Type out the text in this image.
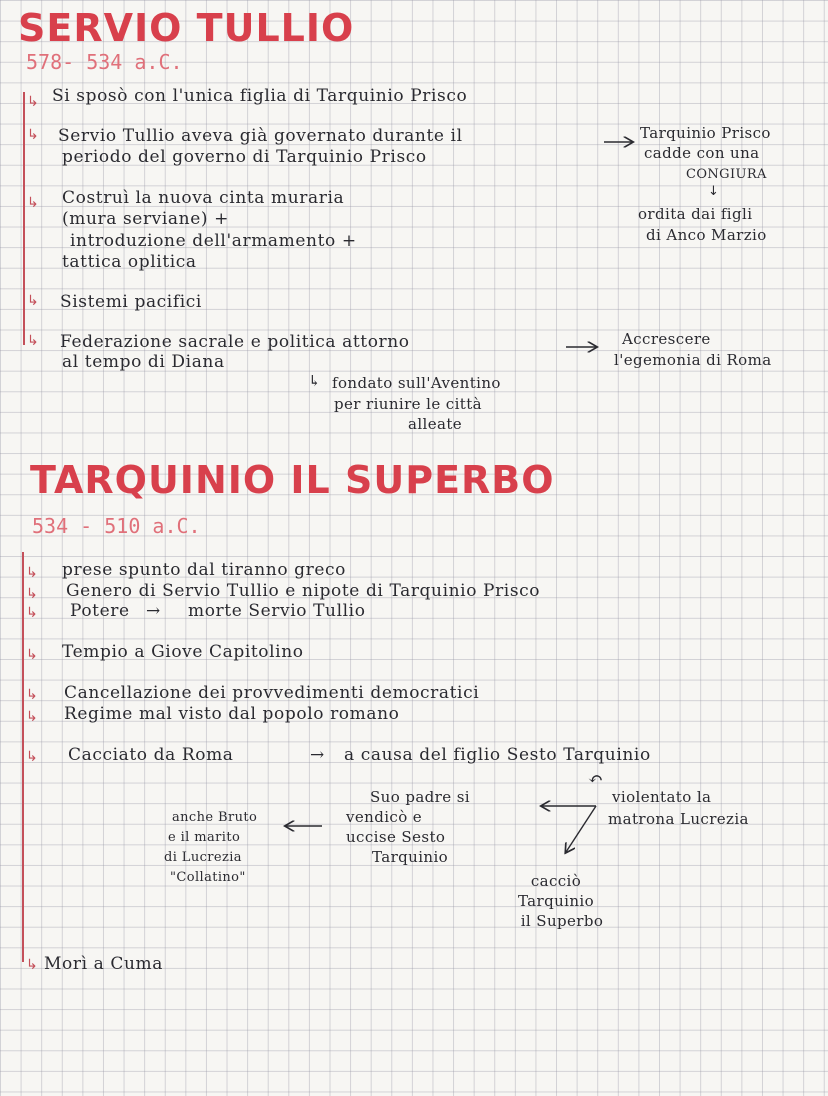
SERVIO TULLIO
578- 534 a.C.
↳
↳
↳
↳
↳
Si sposò con l'unica figlia di Tarquinio Prisco
Servio Tullio aveva già governato durante il
periodo del governo di Tarquinio Prisco
Costruì la nuova cinta muraria
(mura serviane) +
introduzione dell'armamento +
tattica oplitica
Sistemi pacifici
Federazione sacrale e politica attorno
al tempo di Diana
Tarquinio Prisco
cadde con una
CONGIURA
↓
ordita dai figli
di Anco Marzio
Accrescere
l'egemonia di Roma
↳ fondato sull'Aventino
per riunire le città
alleate
TARQUINIO IL SUPERBO
534 - 510 a.C.
↳
↳
↳
↳
↳
↳
↳
↳
prese spunto dal tiranno greco
Genero di Servio Tullio e nipote di Tarquinio Prisco
Potere → morte Servio Tullio
Tempio a Giove Capitolino
Cancellazione dei provvedimenti democratici
Regime mal visto dal popolo romano
Cacciato da Roma	→ a causa del figlio Sesto Tarquinio
Morì a Cuma
↶
violentato la
matrona Lucrezia
Suo padre si
vendicò e
uccise Sesto
Tarquinio
anche Bruto
e il marito
di Lucrezia
"Collatino"	cacciò
Tarquinio
il Superbo
